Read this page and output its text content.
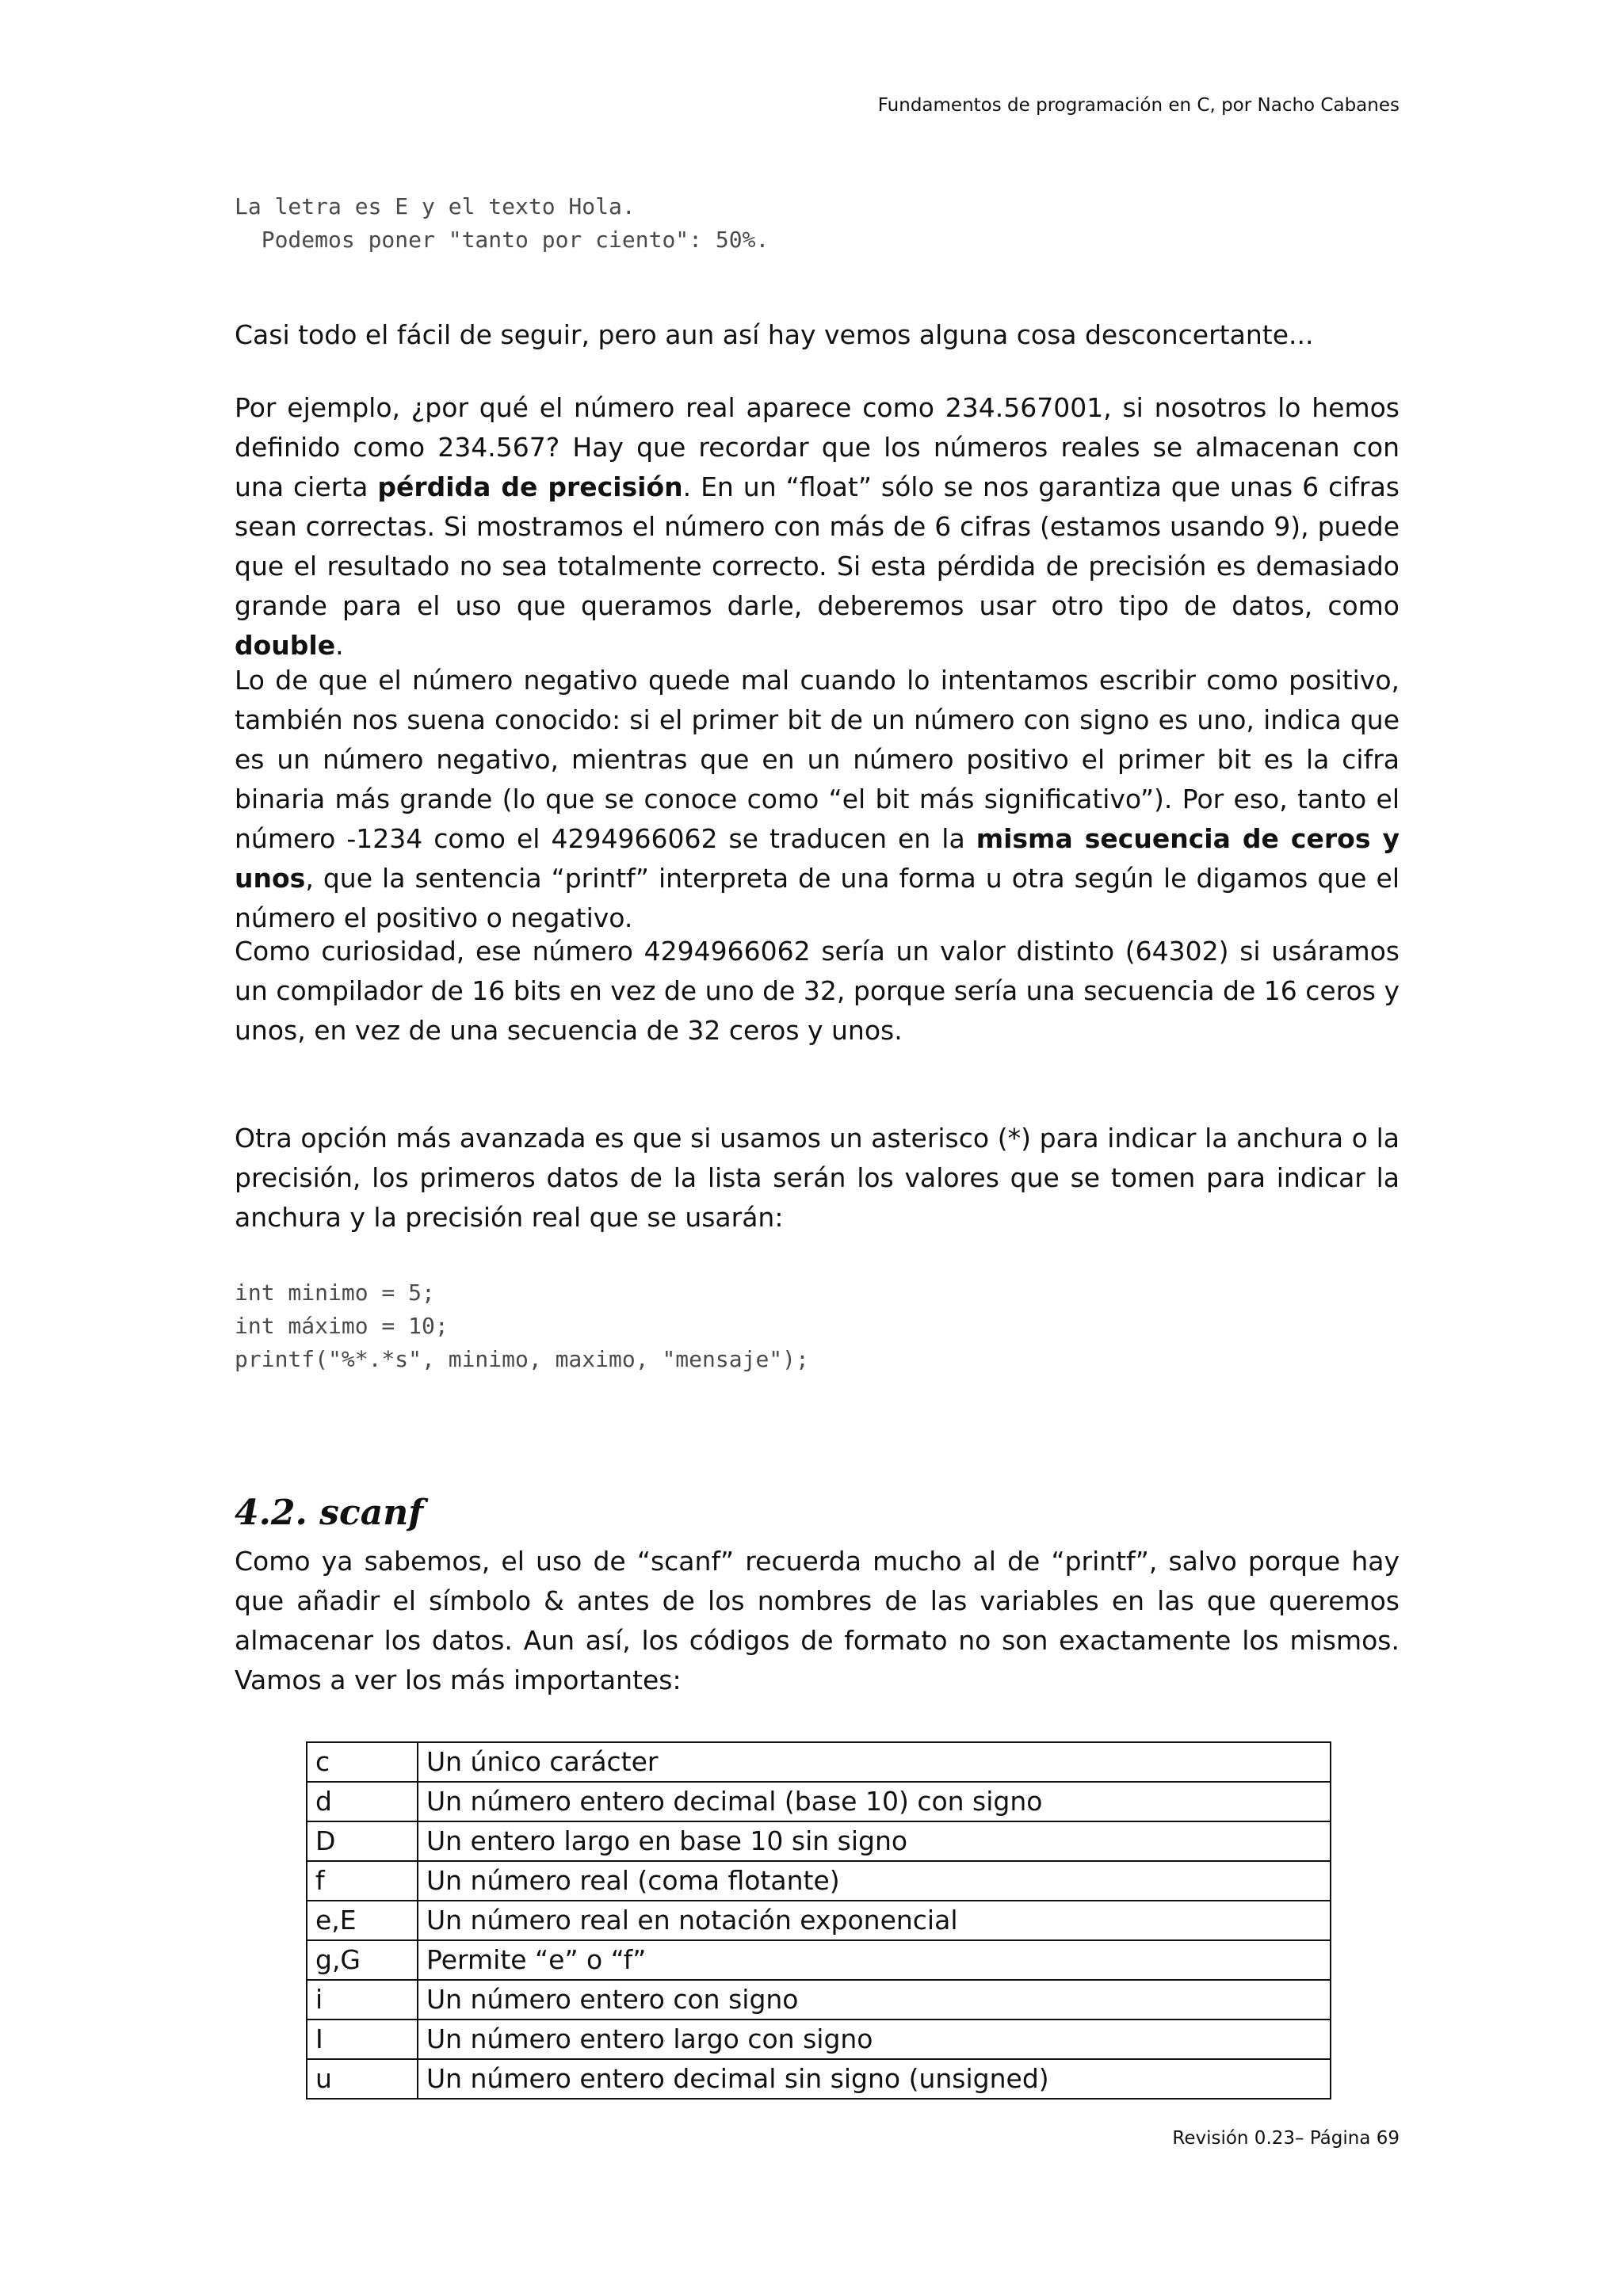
Fundamentos de programación en C, por Nacho Cabanes
La letra es E y el texto Hola.
Podemos poner "tanto por ciento": 50%.

Casi todo el fácil de seguir, pero aun así hay vemos alguna cosa desconcertante...

Por ejemplo, ¿por qué el número real aparece como 234.567001, si nosotros lo hemos definido como 234.567? Hay que recordar que los números reales se almacenan con una cierta pérdida de precisión. En un “float” sólo se nos garantiza que unas 6 cifras sean correctas. Si mostramos el número con más de 6 cifras (estamos usando 9), puede que el resultado no sea totalmente correcto. Si esta pérdida de precisión es demasiado grande para el uso que queramos darle, deberemos usar otro tipo de datos, como double.

Lo de que el número negativo quede mal cuando lo intentamos escribir como positivo, también nos suena conocido: si el primer bit de un número con signo es uno, indica que es un número negativo, mientras que en un número positivo el primer bit es la cifra binaria más grande (lo que se conoce como “el bit más significativo”). Por eso, tanto el número -1234 como el 4294966062 se traducen en la misma secuencia de ceros y unos, que la sentencia “printf” interpreta de una forma u otra según le digamos que el número el positivo o negativo.

Como curiosidad, ese número 4294966062 sería un valor distinto (64302) si usáramos un compilador de 16 bits en vez de uno de 32, porque sería una secuencia de 16 ceros y unos, en vez de una secuencia de 32 ceros y unos.

Otra opción más avanzada es que si usamos un asterisco (*) para indicar la anchura o la precisión, los primeros datos de la lista serán los valores que se tomen para indicar la anchura y la precisión real que se usarán:

int minimo = 5;
int máximo = 10;
printf("%*.*s", minimo, maximo, "mensaje");
4.2. scanf

Como ya sabemos, el uso de “scanf” recuerda mucho al de “printf”, salvo porque hay que añadir el símbolo & antes de los nombres de las variables en las que queremos almacenar los datos. Aun así, los códigos de formato no son exactamente los mismos. Vamos a ver los más importantes:

c	Un único carácter
d	Un número entero decimal (base 10) con signo
D	Un entero largo en base 10 sin signo
f	Un número real (coma flotante)
e,E	Un número real en notación exponencial
g,G	Permite “e” o “f”
i	Un número entero con signo
I	Un número entero largo con signo
u	Un número entero decimal sin signo (unsigned)
Revisión 0.23– Página 69
